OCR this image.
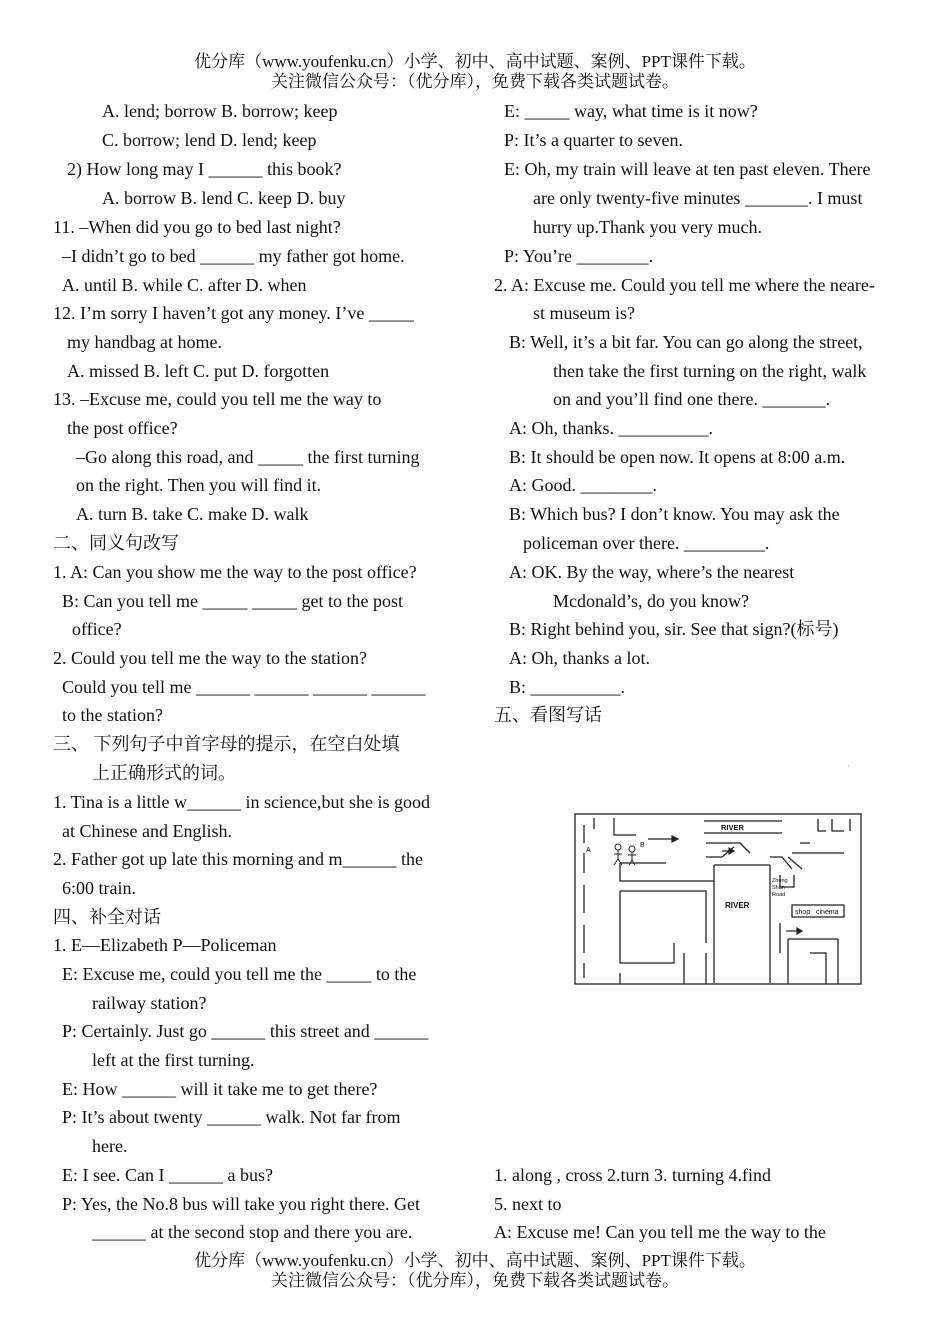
优分库（www.youfenku.cn）小学、初中、高中试题、案例、PPT课件下载。
关注微信公众号：（优分库），免费下载各类试题试卷。
A. lend; borrow B. borrow; keep
C. borrow; lend D. lend; keep
2) How long may I ______ this book?
A. borrow B. lend C. keep D. buy
11. –When did you go to bed last night?
–I didn’t go to bed ______ my father got home.
A. until B. while C. after D. when
12. I’m sorry I haven’t got any money. I’ve _____
my handbag at home.
A. missed B. left C. put D. forgotten
13. –Excuse me, could you tell me the way to
the post office?
–Go along this road, and _____ the first turning
on the right. Then you will find it.
A. turn B. take C. make D. walk
二、同义句改写
1. A: Can you show me the way to the post office?
B: Can you tell me _____ _____ get to the post
office?
2. Could you tell me the way to the station?
Could you tell me ______ ______ ______ ______
to the station?
三、 下列句子中首字母的提示，在空白处填
上正确形式的词。
1. Tina is a little w______ in science,but she is good
at Chinese and English.
2. Father got up late this morning and m______ the
6:00 train.
四、补全对话
1. E—Elizabeth P—Policeman
E: Excuse me, could you tell me the _____ to the
railway station?
P: Certainly. Just go ______ this street and ______
left at the first turning.
E: How ______ will it take me to get there?
P: It’s about twenty ______ walk. Not far from
here.
E: I see. Can I ______ a bus?
P: Yes, the No.8 bus will take you right there. Get
______ at the second stop and there you are.
E: _____ way, what time is it now?
P: It’s a quarter to seven.
E: Oh, my train will leave at ten past eleven. There
are only twenty-five minutes _______. I must
hurry up.Thank you very much.
P: You’re ________.
2. A: Excuse me. Could you tell me where the neare-
st museum is?
B: Well, it’s a bit far. You can go along the street,
then take the first turning on the right, walk
on and you’ll find one there. _______.
A: Oh, thanks. __________.
B: It should be open now. It opens at 8:00 a.m.
A: Good. ________.
B: Which bus? I don’t know. You may ask the
policeman over there. _________.
A: OK. By the way, where’s the nearest
Mcdonald’s, do you know?
B: Right behind you, sir. See that sign?(标号)
A: Oh, thanks a lot.
B: __________.
五、看图写话
·
RIVER
RIVER
A
B
Zhong
Shan
Road
shop cinema
1. along , cross 2.turn 3. turning 4.find
5. next to
A: Excuse me! Can you tell me the way to the
优分库（www.youfenku.cn）小学、初中、高中试题、案例、PPT课件下载。
关注微信公众号：（优分库），免费下载各类试题试卷。
